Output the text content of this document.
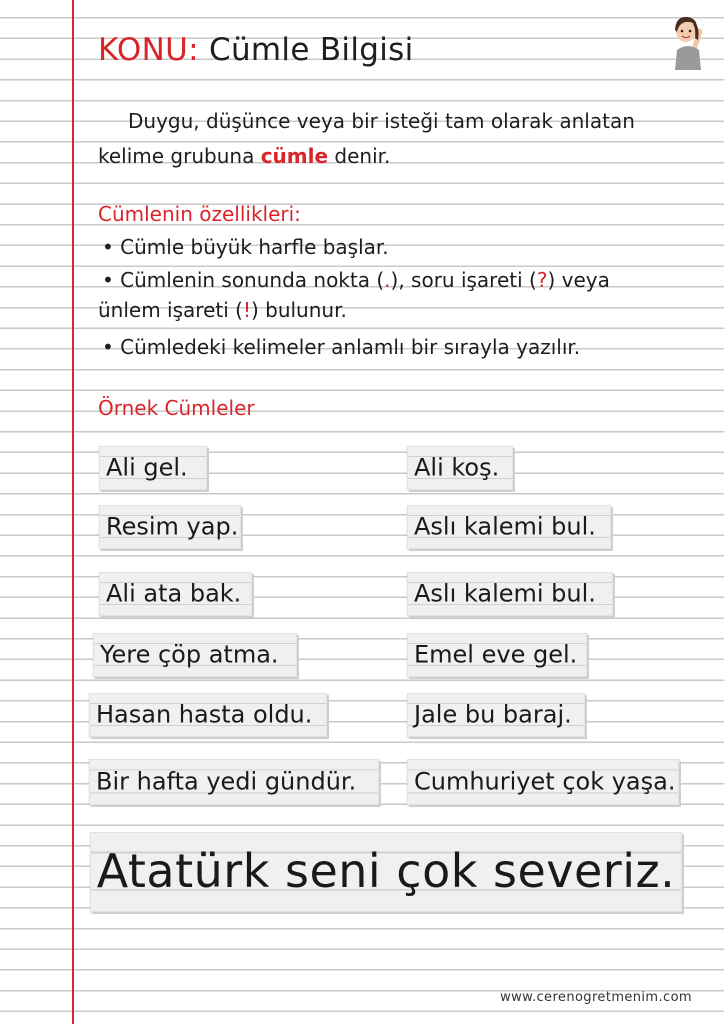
KONU: Cümle Bilgisi
Duygu, düşünce veya bir isteği tam olarak anlatan
kelime grubuna cümle denir.
Cümlenin özellikleri:
• Cümle büyük harfle başlar.
• Cümlenin sonunda nokta (.), soru işareti (?) veya
ünlem işareti (!) bulunur.
• Cümledeki kelimeler anlamlı bir sırayla yazılır.
Örnek Cümleler
Ali gel.
Resim yap.
Ali ata bak.
Yere çöp atma.
Hasan hasta oldu.
Bir hafta yedi gündür.
Ali koş.
Aslı kalemi bul.
Aslı kalemi bul.
Emel eve gel.
Jale bu baraj.
Cumhuriyet çok yaşa.
Atatürk seni çok severiz.
www.cerenogretmenim.com
